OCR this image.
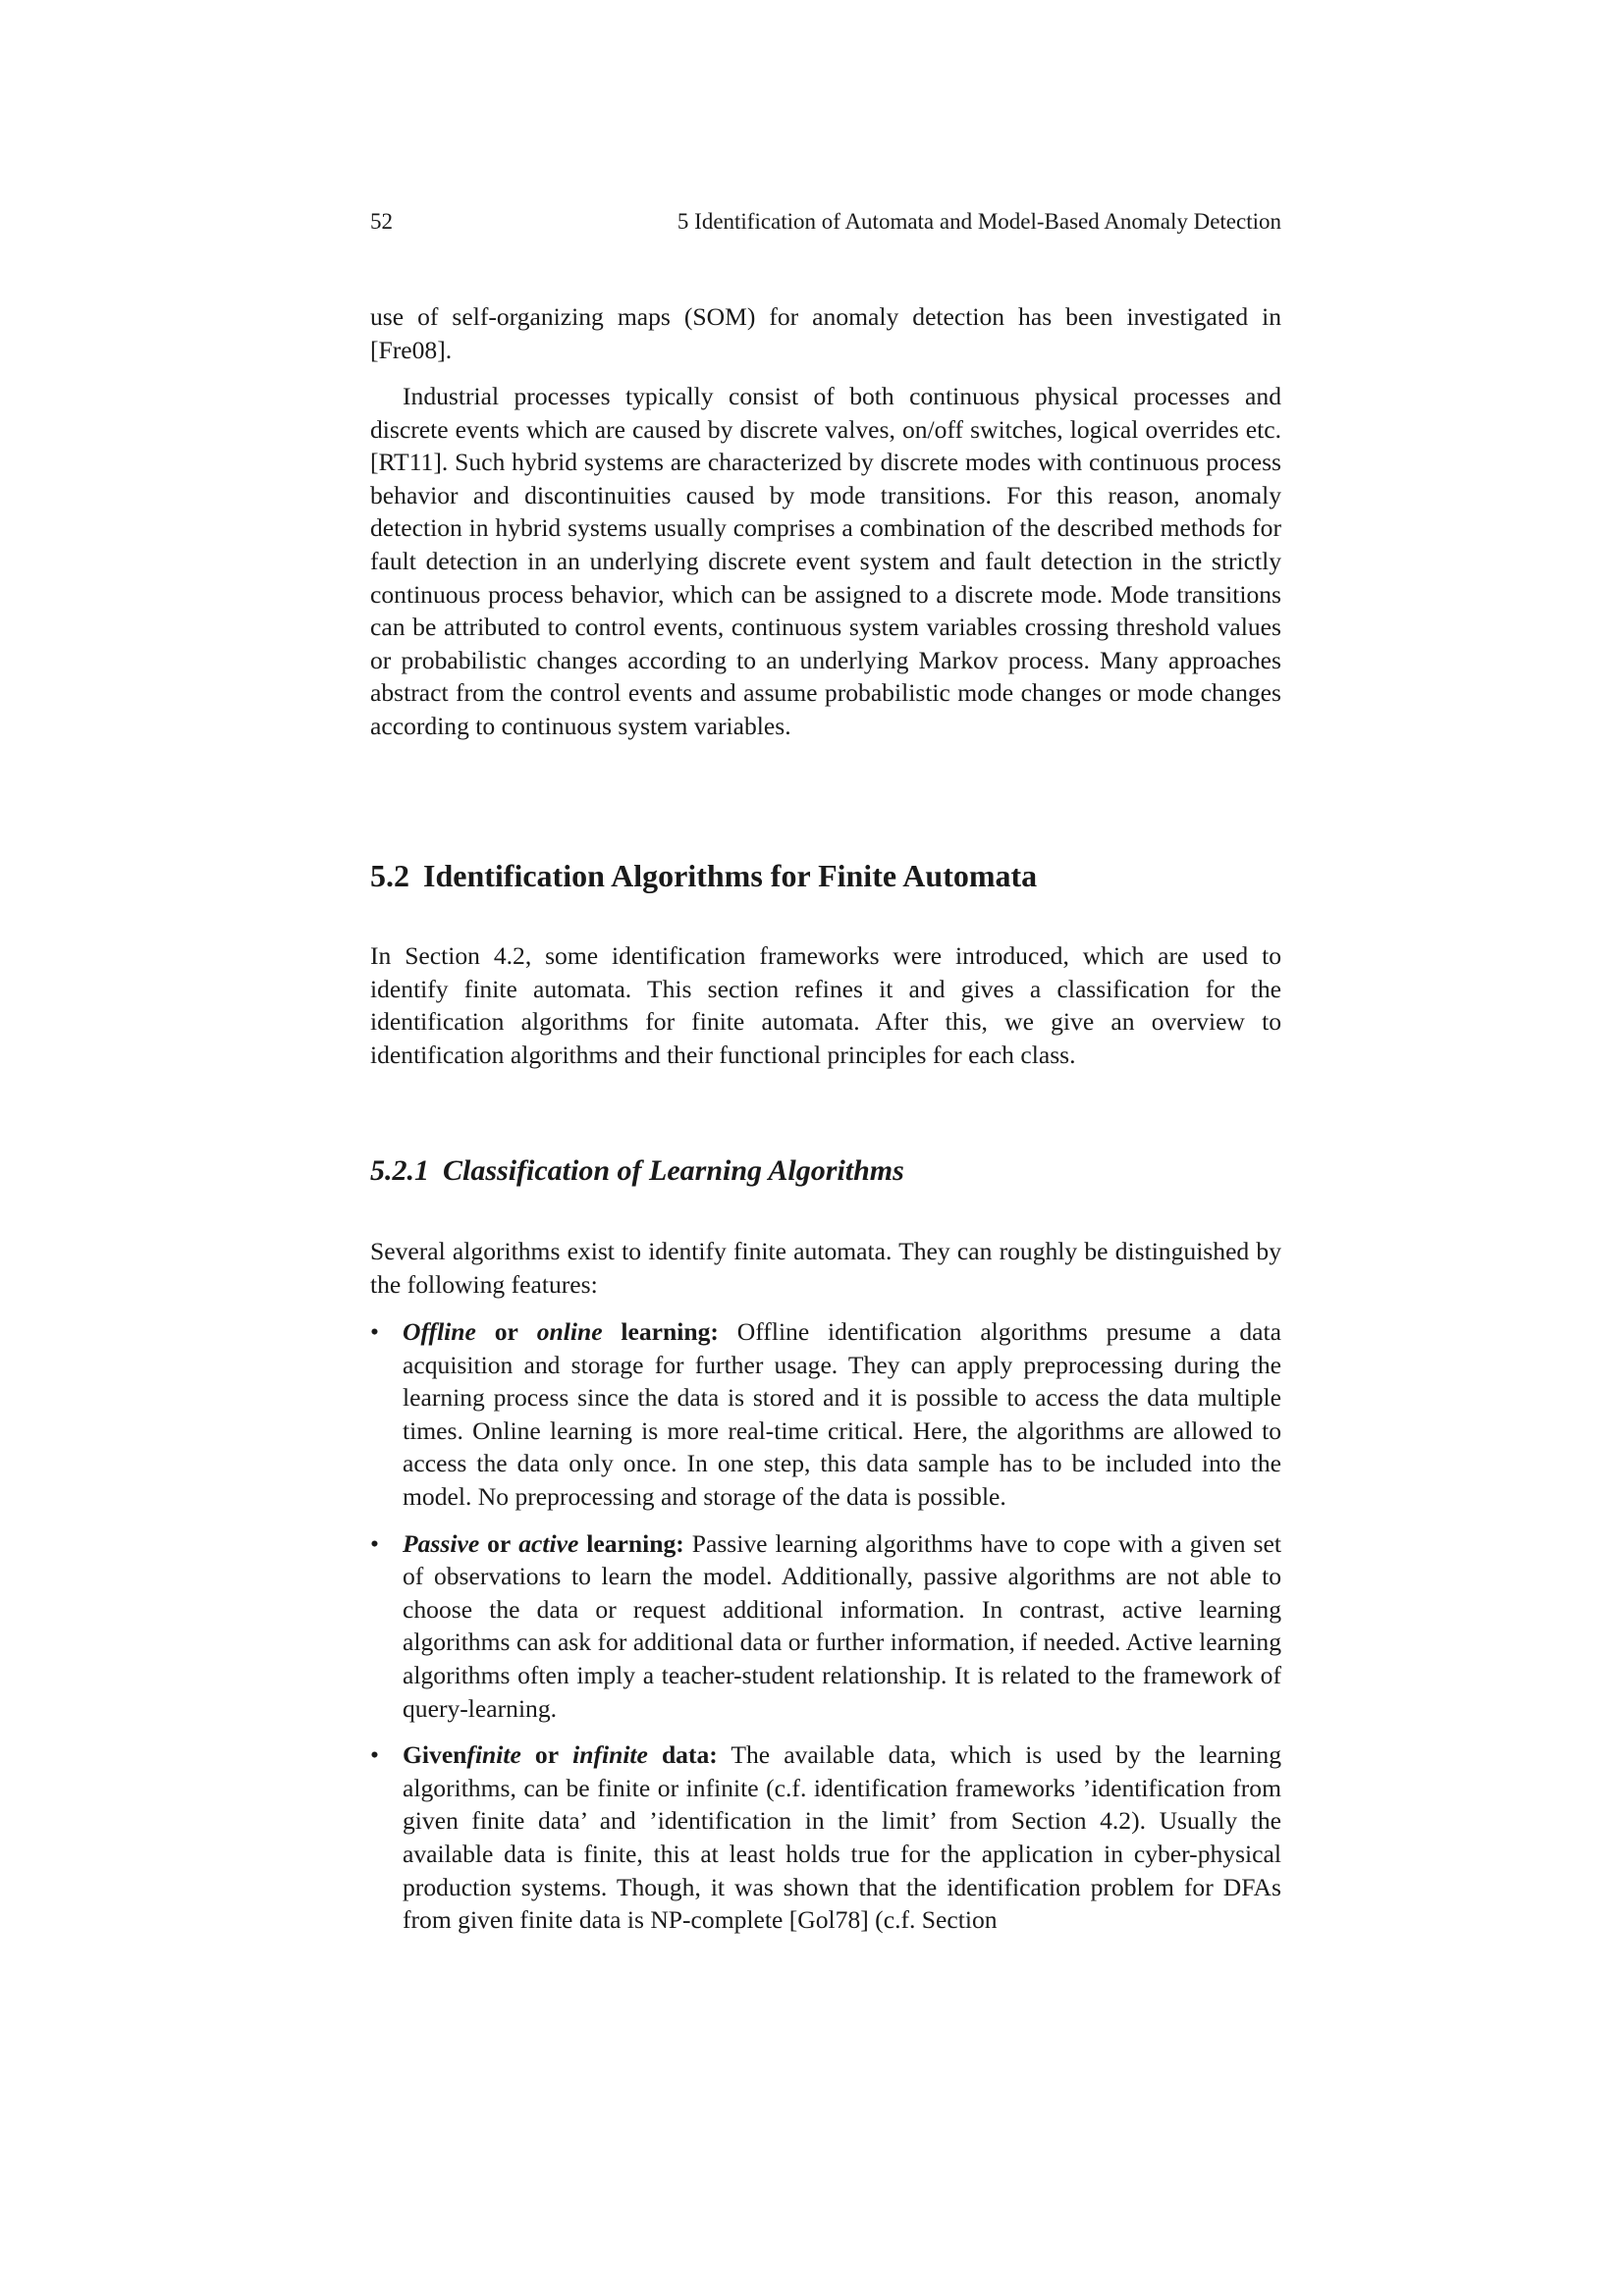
52	5 Identification of Automata and Model-Based Anomaly Detection

use of self-organizing maps (SOM) for anomaly detection has been investigated in [Fre08].

Industrial processes typically consist of both continuous physical processes and discrete events which are caused by discrete valves, on/off switches, logical overrides etc. [RT11]. Such hybrid systems are characterized by discrete modes with continuous process behavior and discontinuities caused by mode transitions. For this reason, anomaly detection in hybrid systems usually comprises a combination of the described methods for fault detection in an underlying discrete event system and fault detection in the strictly continuous process behavior, which can be assigned to a discrete mode. Mode transitions can be attributed to control events, continuous system variables crossing threshold values or probabilistic changes according to an underlying Markov process. Many approaches abstract from the control events and assume probabilistic mode changes or mode changes according to continuous system variables.

5.2 Identification Algorithms for Finite Automata

In Section 4.2, some identification frameworks were introduced, which are used to identify finite automata. This section refines it and gives a classification for the identification algorithms for finite automata. After this, we give an overview to identification algorithms and their functional principles for each class.

5.2.1 Classification of Learning Algorithms

Several algorithms exist to identify finite automata. They can roughly be distinguished by the following features:

• Offline or online learning: Offline identification algorithms presume a data acquisition and storage for further usage. They can apply preprocessing during the learning process since the data is stored and it is possible to access the data multiple times. Online learning is more real-time critical. Here, the algorithms are allowed to access the data only once. In one step, this data sample has to be included into the model. No preprocessing and storage of the data is possible.
• Passive or active learning: Passive learning algorithms have to cope with a given set of observations to learn the model. Additionally, passive algorithms are not able to choose the data or request additional information. In contrast, active learning algorithms can ask for additional data or further information, if needed. Active learning algorithms often imply a teacher-student relationship. It is related to the framework of query-learning.
• Givenfinite or infinite data: The available data, which is used by the learning algorithms, can be finite or infinite (c.f. identification frameworks ’identification from given finite data’ and ’identification in the limit’ from Section 4.2). Usually the available data is finite, this at least holds true for the application in cyber-physical production systems. Though, it was shown that the identification problem for DFAs from given finite data is NP-complete [Gol78] (c.f. Section
